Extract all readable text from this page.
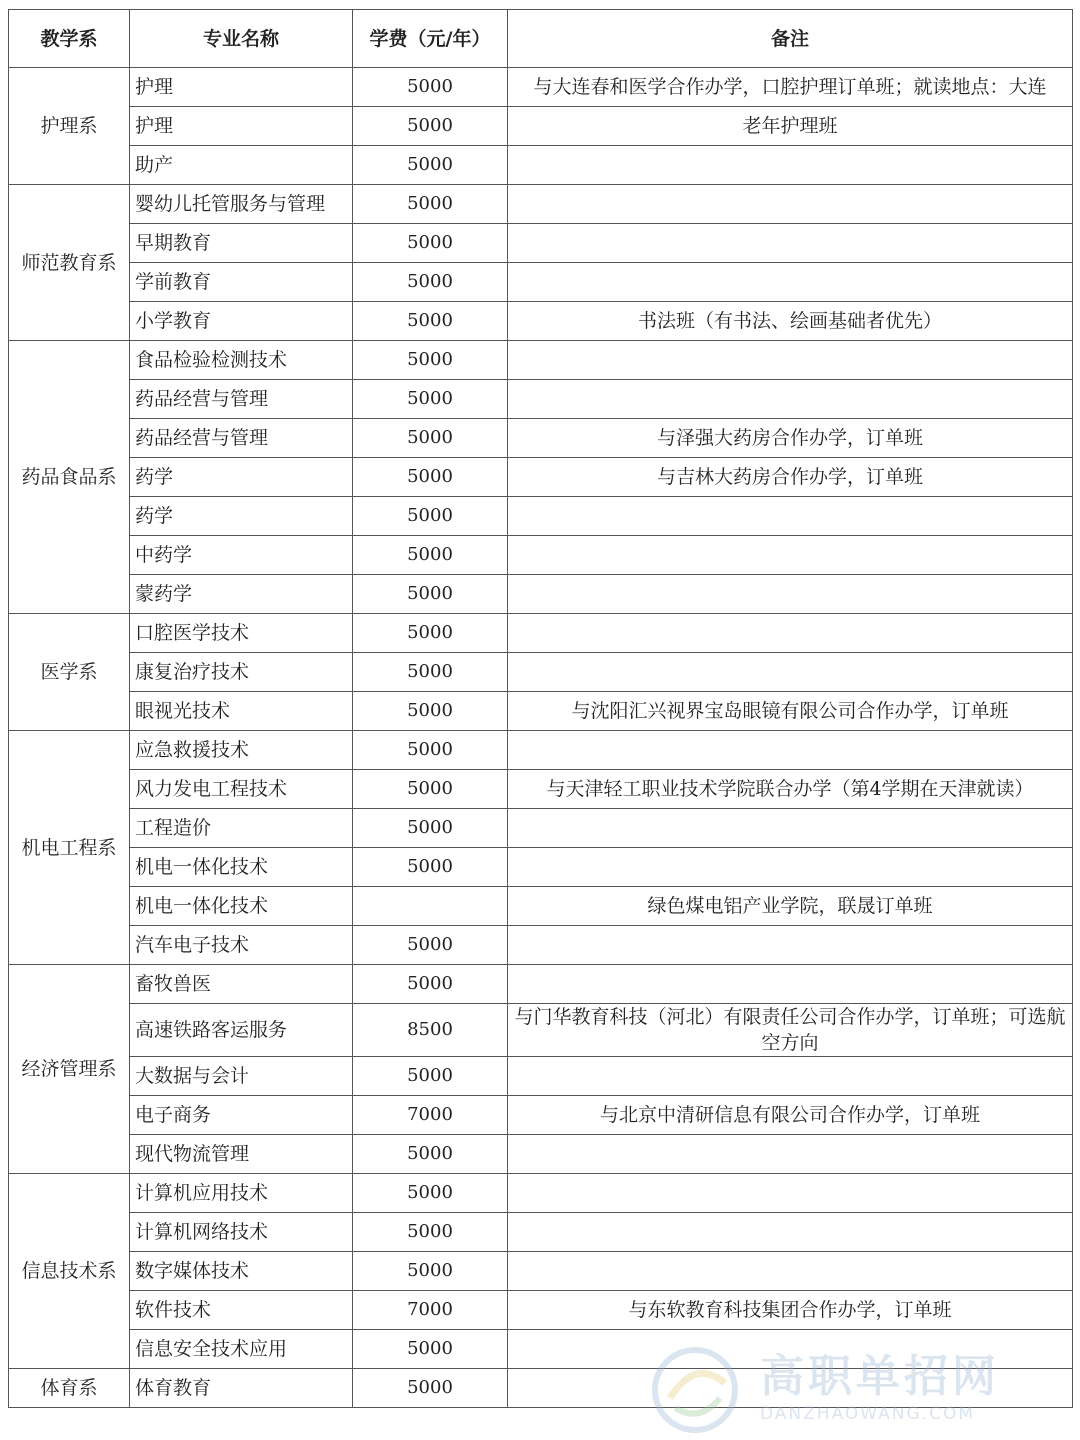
教学系	专业名称	学费（元/年）	备注
护理系	护理	5000	与大连春和医学合作办学，口腔护理订单班；就读地点：大连
	护理	5000	老年护理班
	助产	5000	
师范教育系	婴幼儿托管服务与管理	5000	
	早期教育	5000	
	学前教育	5000	
	小学教育	5000	书法班（有书法、绘画基础者优先）
药品食品系	食品检验检测技术	5000	
	药品经营与管理	5000	
	药品经营与管理	5000	与泽强大药房合作办学，订单班
	药学	5000	与吉林大药房合作办学，订单班
	药学	5000	
	中药学	5000	
	蒙药学	5000	
医学系	口腔医学技术	5000	
	康复治疗技术	5000	
	眼视光技术	5000	与沈阳汇兴视界宝岛眼镜有限公司合作办学，订单班
机电工程系	应急救援技术	5000	
	风力发电工程技术	5000	与天津轻工职业技术学院联合办学（第4学期在天津就读）
	工程造价	5000	
	机电一体化技术	5000	
	机电一体化技术		绿色煤电铝产业学院，联晟订单班
	汽车电子技术	5000	
经济管理系	畜牧兽医	5000	
	高速铁路客运服务	8500	与门华教育科技（河北）有限责任公司合作办学，订单班；可选航空方向
	大数据与会计	5000	
	电子商务	7000	与北京中清研信息有限公司合作办学，订单班
	现代物流管理	5000	
信息技术系	计算机应用技术	5000	
	计算机网络技术	5000	
	数字媒体技术	5000	
	软件技术	7000	与东软教育科技集团合作办学，订单班
	信息安全技术应用	5000	
体育系	体育教育	5000		高职单招网
DANZHAOWANG.COM
